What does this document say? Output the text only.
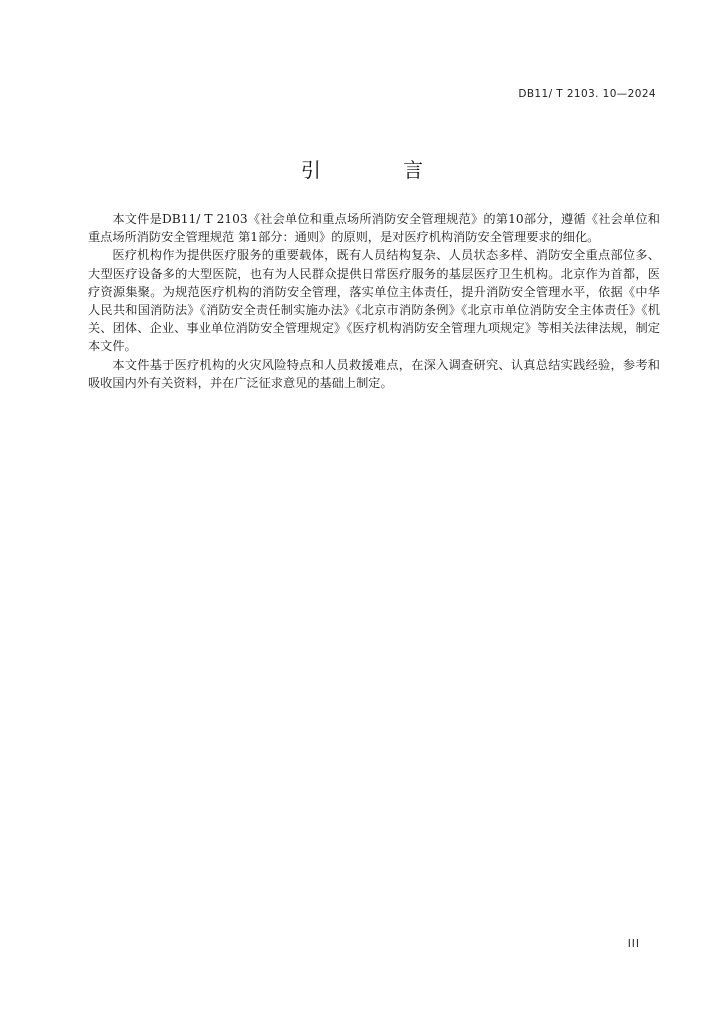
DB11/ T 2103. 10—2024
引 言

本文件是DB11/ T 2103《社会单位和重点场所消防安全管理规范》的第10部分，遵循《社会单位和重点场所消防安全管理规范 第1部分：通则》的原则，是对医疗机构消防安全管理要求的细化。

医疗机构作为提供医疗服务的重要载体，既有人员结构复杂、人员状态多样、消防安全重点部位多、大型医疗设备多的大型医院，也有为人民群众提供日常医疗服务的基层医疗卫生机构。北京作为首都，医疗资源集聚。为规范医疗机构的消防安全管理，落实单位主体责任，提升消防安全管理水平，依据《中华人民共和国消防法》《消防安全责任制实施办法》《北京市消防条例》《北京市单位消防安全主体责任》《机关、团体、企业、事业单位消防安全管理规定》《医疗机构消防安全管理九项规定》等相关法律法规，制定本文件。

本文件基于医疗机构的火灾风险特点和人员救援难点，在深入调查研究、认真总结实践经验，参考和吸收国内外有关资料，并在广泛征求意见的基础上制定。

III
